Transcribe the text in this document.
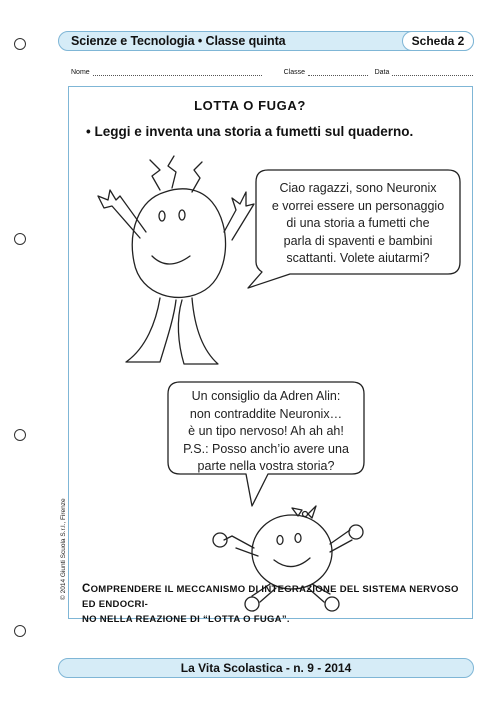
Scienze e Tecnologia • Classe quinta	Scheda 2
Nome	Classe	Data
LOTTA O FUGA?
• Leggi e inventa una storia a fumetti sul quaderno.
Ciao ragazzi, sono Neuronix
e vorrei essere un personaggio
di una storia a fumetti che
parla di spaventi e bambini
scattanti. Volete aiutarmi?
Un consiglio da Adren Alin:
non contraddite Neuronix…
è un tipo nervoso! Ah ah ah!
P.S.: Posso anch’io avere una
parte nella vostra storia?
COMPRENDERE IL MECCANISMO DI INTEGRAZIONE DEL SISTEMA NERVOSO ED ENDOCRI-
NO NELLA REAZIONE DI “LOTTA O FUGA”.
© 2014 Giunti Scuola S.r.l., Firenze
La Vita Scolastica - n. 9 - 2014
